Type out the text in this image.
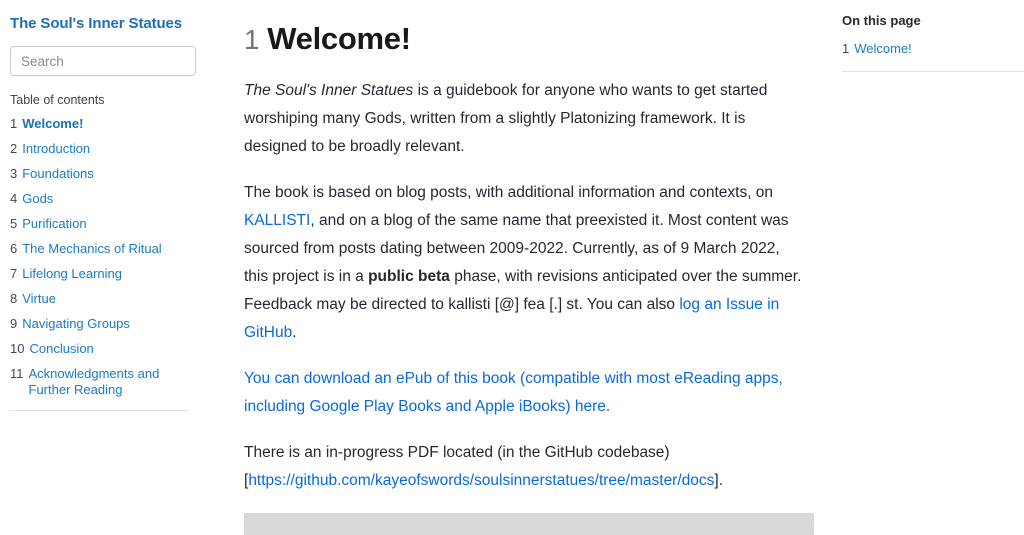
The Soul's Inner Statues
Search
Table of contents
1 Welcome!
2 Introduction
3 Foundations
4 Gods
5 Purification
6 The Mechanics of Ritual
7 Lifelong Learning
8 Virtue
9 Navigating Groups
10 Conclusion
11 Acknowledgments and Further Reading
1 Welcome!

The Soul's Inner Statues is a guidebook for anyone who wants to get started worshiping many Gods, written from a slightly Platonizing framework. It is designed to be broadly relevant.

The book is based on blog posts, with additional information and contexts, on KALLISTI, and on a blog of the same name that preexisted it. Most content was sourced from posts dating between 2009-2022. Currently, as of 9 March 2022, this project is in a public beta phase, with revisions anticipated over the summer. Feedback may be directed to kallisti [@] fea [.] st. You can also log an Issue in GitHub.

You can download an ePub of this book (compatible with most eReading apps, including Google Play Books and Apple iBooks) here.

There is an in-progress PDF located (in the GitHub codebase) [https://github.com/kayeofswords/soulsinnerstatues/tree/master/docs].

On this page
1 Welcome!
